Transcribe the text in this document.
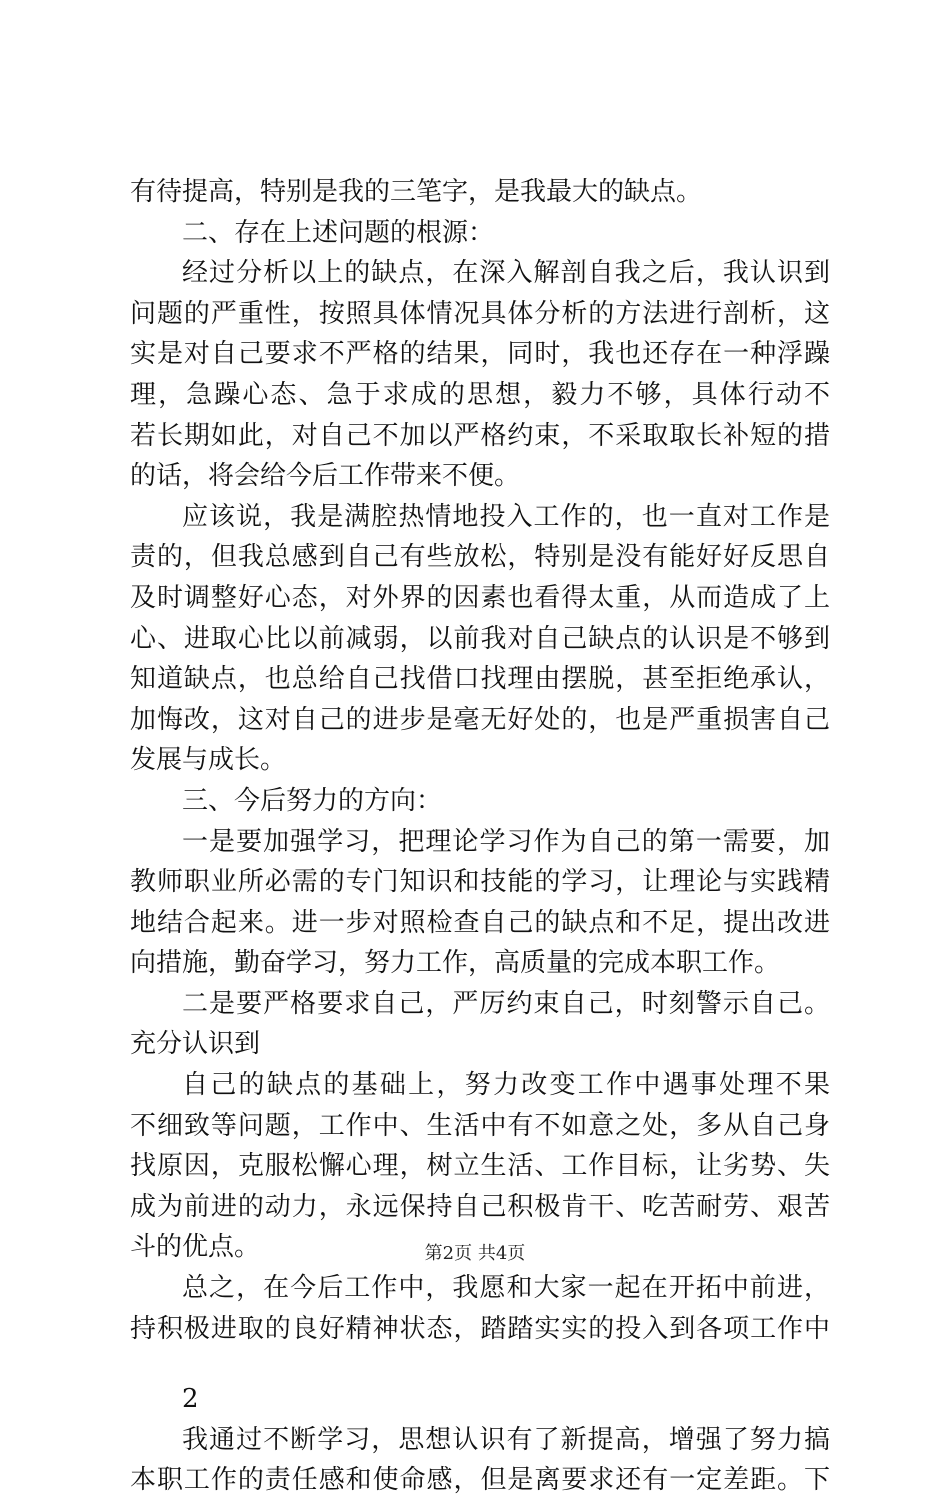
有待提高，特别是我的三笔字，是我最大的缺点。
二、存在上述问题的根源：
经过分析以上的缺点，在深入解剖自我之后，我认识到
问题的严重性，按照具体情况具体分析的方法进行剖析，这
实是对自己要求不严格的结果，同时，我也还存在一种浮躁
理，急躁心态、急于求成的思想，毅力不够，具体行动不
若长期如此，对自己不加以严格约束，不采取取长补短的措
的话，将会给今后工作带来不便。
应该说，我是满腔热情地投入工作的，也一直对工作是
责的，但我总感到自己有些放松，特别是没有能好好反思自
及时调整好心态，对外界的因素也看得太重，从而造成了上
心、进取心比以前减弱，以前我对自己缺点的认识是不够到
知道缺点，也总给自己找借口找理由摆脱，甚至拒绝承认，
加悔改，这对自己的进步是毫无好处的，也是严重损害自己
发展与成长。
三、今后努力的方向：
一是要加强学习，把理论学习作为自己的第一需要，加
教师职业所必需的专门知识和技能的学习，让理论与实践精
地结合起来。进一步对照检查自己的缺点和不足，提出改进
向措施，勤奋学习，努力工作，高质量的完成本职工作。
二是要严格要求自己，严厉约束自己，时刻警示自己。
充分认识到
自己的缺点的基础上，努力改变工作中遇事处理不果
不细致等问题，工作中、生活中有不如意之处，多从自己身
找原因，克服松懈心理，树立生活、工作目标，让劣势、失
成为前进的动力，永远保持自己积极肯干、吃苦耐劳、艰苦
斗的优点。
总之，在今后工作中，我愿和大家一起在开拓中前进，
持积极进取的良好精神状态，踏踏实实的投入到各项工作中
2
我通过不断学习，思想认识有了新提高，增强了努力搞
本职工作的责任感和使命感，但是离要求还有一定差距。下
第2页 共4页
